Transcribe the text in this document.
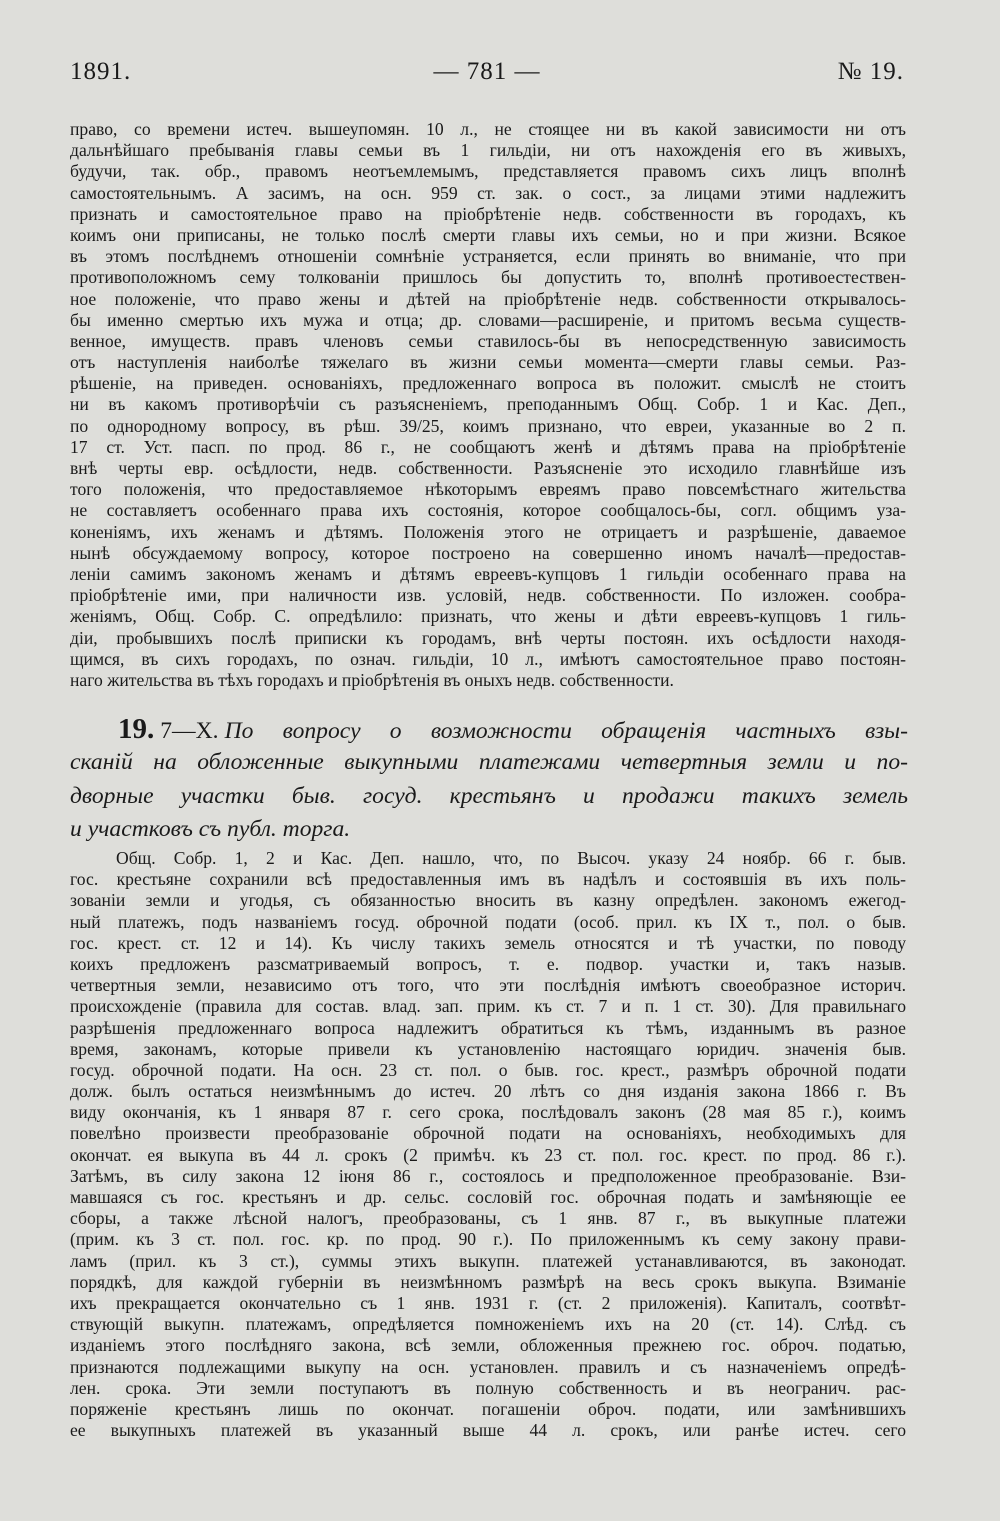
1891.	— 781 —	№ 19.
право, со времени истеч. вышеупомян. 10 л., не стоящее ни въ какой зависимости ни отъ
дальнѣйшаго пребыванія главы семьи въ 1 гильдіи, ни отъ нахожденія его въ живыхъ,
будучи, так. обр., правомъ неотъемлемымъ, представляется правомъ сихъ лицъ вполнѣ
самостоятельнымъ. А засимъ, на осн. 959 ст. зак. о сост., за лицами этими надлежитъ
признать и самостоятельное право на пріобрѣтеніе недв. собственности въ городахъ, къ
коимъ они приписаны, не только послѣ смерти главы ихъ семьи, но и при жизни. Всякое
въ этомъ послѣднемъ отношеніи сомнѣніе устраняется, если принять во вниманіе, что при
противоположномъ сему толкованіи пришлось бы допустить то, вполнѣ противоестествен-
ное положеніе, что право жены и дѣтей на пріобрѣтеніе недв. собственности открывалось-
бы именно смертью ихъ мужа и отца; др. словами—расширеніе, и притомъ весьма существ-
венное, имуществ. правъ членовъ семьи ставилось-бы въ непосредственную зависимость
отъ наступленія наиболѣе тяжелаго въ жизни семьи момента—смерти главы семьи. Раз-
рѣшеніе, на приведен. основаніяхъ, предложеннаго вопроса въ положит. смыслѣ не стоитъ
ни въ какомъ противорѣчіи съ разъясненіемъ, преподаннымъ Общ. Собр. 1 и Кас. Деп.,
по однородному вопросу, въ рѣш. 39/25, коимъ признано, что евреи, указанные во 2 п.
17 ст. Уст. пасп. по прод. 86 г., не сообщаютъ женѣ и дѣтямъ права на пріобрѣтеніе
внѣ черты евр. осѣдлости, недв. собственности. Разъясненіе это исходило главнѣйше изъ
того положенія, что предоставляемое нѣкоторымъ евреямъ право повсемѣстнаго жительства
не составляетъ особеннаго права ихъ состоянія, которое сообщалось-бы, согл. общимъ уза-
коненіямъ, ихъ женамъ и дѣтямъ. Положенія этого не отрицаетъ и разрѣшеніе, даваемое
нынѣ обсуждаемому вопросу, которое построено на совершенно иномъ началѣ—предостав-
леніи самимъ закономъ женамъ и дѣтямъ евреевъ-купцовъ 1 гильдіи особеннаго права на
пріобрѣтеніе ими, при наличности изв. условій, недв. собственности. По изложен. сообра-
женіямъ, Общ. Собр. С. опредѣлило: признать, что жены и дѣти евреевъ-купцовъ 1 гиль-
діи, пробывшихъ послѣ приписки къ городамъ, внѣ черты постоян. ихъ осѣдлости находя-
щимся, въ сихъ городахъ, по означ. гильдіи, 10 л., имѣютъ самостоятельное право постоян-
наго жительства въ тѣхъ городахъ и пріобрѣтенія въ оныхъ недв. собственности.
19. 7—X. По вопросу о возможности обращенія частныхъ взы-
сканій на обложенные выкупными платежами четвертныя земли и по-
дворные участки быв. госуд. крестьянъ и продажи такихъ земель
и участковъ съ публ. торга.
Общ. Собр. 1, 2 и Кас. Деп. нашло, что, по Высоч. указу 24 ноябр. 66 г. быв.
гос. крестьяне сохранили всѣ предоставленныя имъ въ надѣлъ и состоявшія въ ихъ поль-
зованіи земли и угодья, съ обязанностью вносить въ казну опредѣлен. закономъ ежегод-
ный платежъ, подъ названіемъ госуд. оброчной подати (особ. прил. къ IX т., пол. о быв.
гос. крест. ст. 12 и 14). Къ числу такихъ земель относятся и тѣ участки, по поводу
коихъ предложенъ разсматриваемый вопросъ, т. е. подвор. участки и, такъ назыв.
четвертныя земли, независимо отъ того, что эти послѣднія имѣютъ своеобразное историч.
происхожденіе (правила для состав. влад. зап. прим. къ ст. 7 и п. 1 ст. 30). Для правильнаго
разрѣшенія предложеннаго вопроса надлежитъ обратиться къ тѣмъ, изданнымъ въ разное
время, законамъ, которые привели къ установленію настоящаго юридич. значенія быв.
госуд. оброчной подати. На осн. 23 ст. пол. о быв. гос. крест., размѣръ оброчной подати
долж. былъ остаться неизмѣннымъ до истеч. 20 лѣтъ со дня изданія закона 1866 г. Въ
виду окончанія, къ 1 января 87 г. сего срока, послѣдовалъ законъ (28 мая 85 г.), коимъ
повелѣно произвести преобразованіе оброчной подати на основаніяхъ, необходимыхъ для
окончат. ея выкупа въ 44 л. срокъ (2 примѣч. къ 23 ст. пол. гос. крест. по прод. 86 г.).
Затѣмъ, въ силу закона 12 іюня 86 г., состоялось и предположенное преобразованіе. Взи-
мавшаяся съ гос. крестьянъ и др. сельс. сословій гос. оброчная подать и замѣняющіе ее
сборы, а также лѣсной налогъ, преобразованы, съ 1 янв. 87 г., въ выкупные платежи
(прим. къ 3 ст. пол. гос. кр. по прод. 90 г.). По приложеннымъ къ сему закону прави-
ламъ (прил. къ 3 ст.), суммы этихъ выкупн. платежей устанавливаются, въ законодат.
порядкѣ, для каждой губерніи въ неизмѣнномъ размѣрѣ на весь срокъ выкупа. Взиманіе
ихъ прекращается окончательно съ 1 янв. 1931 г. (ст. 2 приложенія). Капиталъ, соотвѣт-
ствующій выкупн. платежамъ, опредѣляется помноженіемъ ихъ на 20 (ст. 14). Слѣд. съ
изданіемъ этого послѣдняго закона, всѣ земли, обложенныя прежнею гос. оброч. податью,
признаются подлежащими выкупу на осн. установлен. правилъ и съ назначеніемъ опредѣ-
лен. срока. Эти земли поступаютъ въ полную собственность и въ неогранич. рас-
поряженіе крестьянъ лишь по окончат. погашеніи оброч. подати, или замѣнившихъ
ее выкупныхъ платежей въ указанный выше 44 л. срокъ, или ранѣе истеч. сего
